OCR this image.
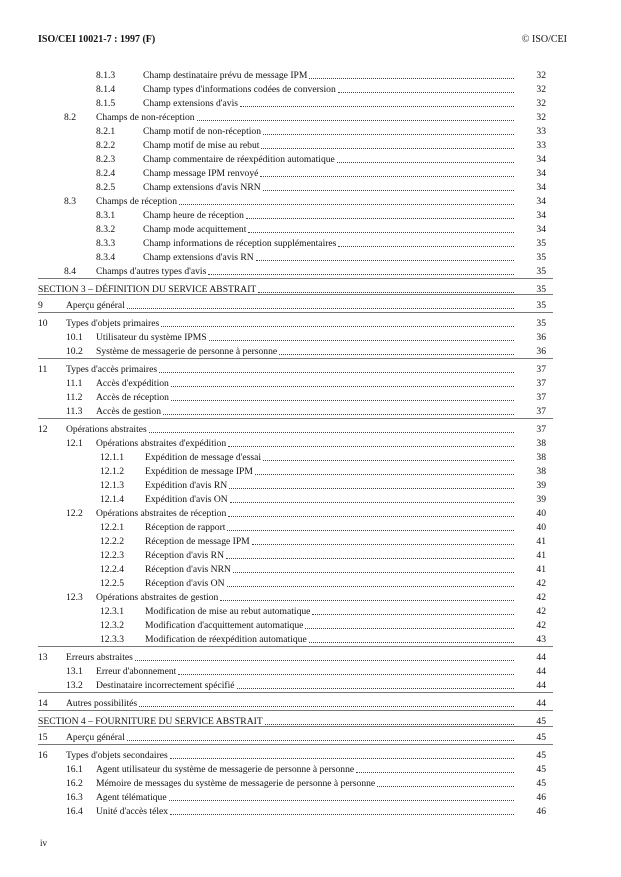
ISO/CEI 10021-7 : 1997 (F)	© ISO/CEI
8.1.3	Champ destinataire prévu de message IPM	32
8.1.4	Champ types d'informations codées de conversion	32
8.1.5	Champ extensions d'avis	32
8.2 Champs de non-réception	32
8.2.1	Champ motif de non-réception	33
8.2.2	Champ motif de mise au rebut	33
8.2.3	Champ commentaire de réexpédition automatique	34
8.2.4	Champ message IPM renvoyé	34
8.2.5	Champ extensions d'avis NRN	34
8.3 Champs de réception	34
8.3.1	Champ heure de réception	34
8.3.2	Champ mode acquittement	34
8.3.3	Champ informations de réception supplémentaires	35
8.3.4	Champ extensions d'avis RN	35
8.4 Champs d'autres types d'avis	35
SECTION 3 – DÉFINITION DU SERVICE ABSTRAIT	35
9 Aperçu général	35
10 Types d'objets primaires	35
10.1 Utilisateur du système IPMS	36
10.2 Système de messagerie de personne à personne	36
11 Types d'accès primaires	37
11.1 Accès d'expédition	37
11.2 Accès de réception	37
11.3 Accès de gestion	37
12 Opérations abstraites	37
12.1 Opérations abstraites d'expédition	38
12.1.1 Expédition de message d'essai	38
12.1.2 Expédition de message IPM	38
12.1.3 Expédition d'avis RN	39
12.1.4 Expédition d'avis ON	39
12.2 Opérations abstraites de réception	40
12.2.1 Réception de rapport	40
12.2.2 Réception de message IPM	41
12.2.3 Réception d'avis RN	41
12.2.4 Réception d'avis NRN	41
12.2.5 Réception d'avis ON	42
12.3 Opérations abstraites de gestion	42
12.3.1 Modification de mise au rebut automatique	42
12.3.2 Modification d'acquittement automatique	42
12.3.3 Modification de réexpédition automatique	43
13 Erreurs abstraites	44
13.1 Erreur d'abonnement	44
13.2 Destinataire incorrectement spécifié	44
14 Autres possibilités	44
SECTION 4 – FOURNITURE DU SERVICE ABSTRAIT	45
15 Aperçu général	45
16 Types d'objets secondaires	45
16.1 Agent utilisateur du système de messagerie de personne à personne	45
16.2 Mémoire de messages du système de messagerie de personne à personne	45
16.3 Agent télématique	46
16.4 Unité d'accès télex	46
iv
